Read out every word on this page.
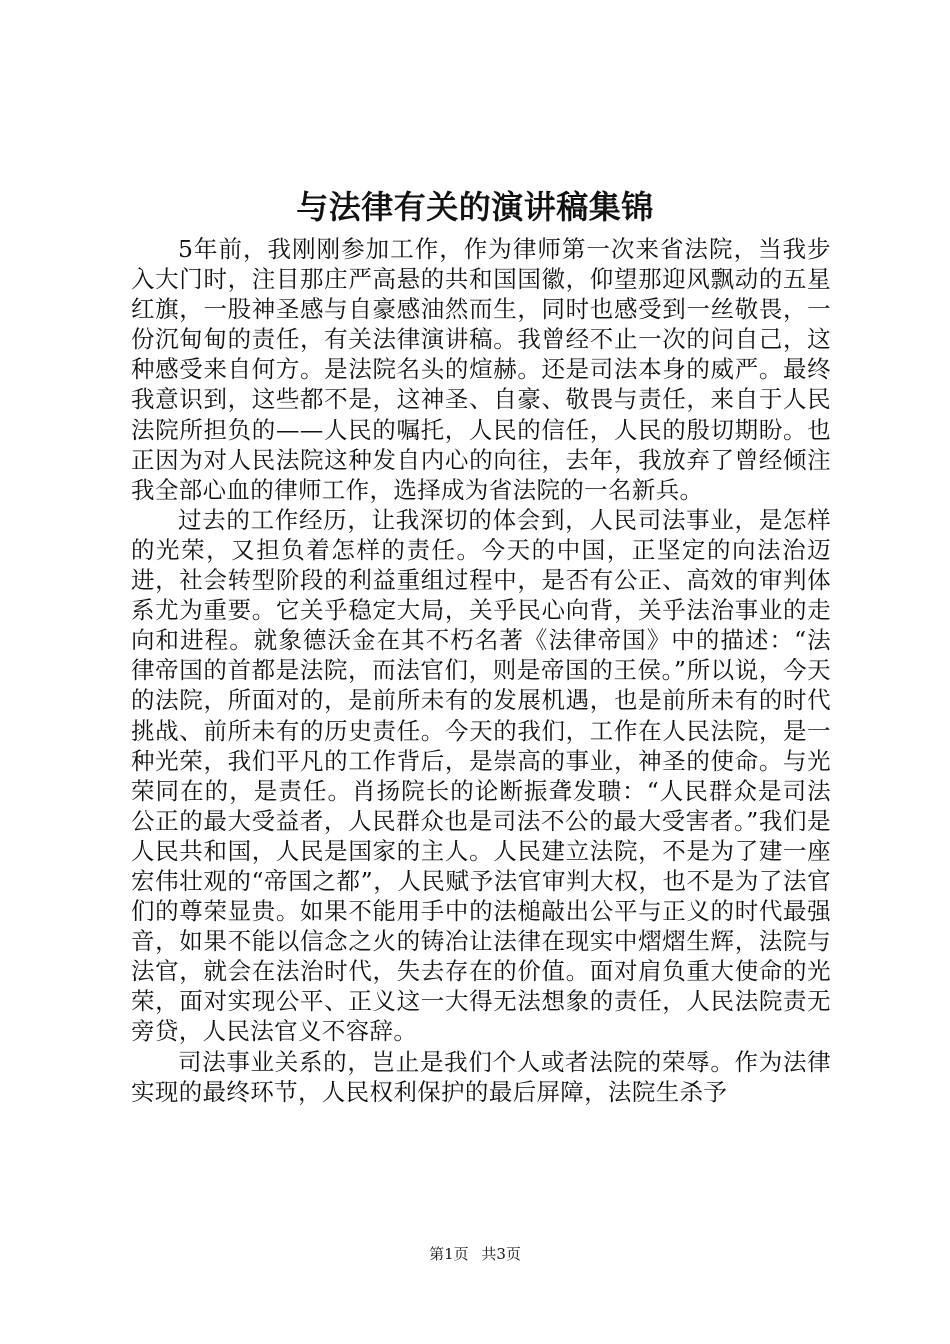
与法律有关的演讲稿集锦

5年前，我刚刚参加工作，作为律师第一次来省法院，当我步入大门时，注目那庄严高悬的共和国国徽，仰望那迎风飘动的五星红旗，一股神圣感与自豪感油然而生，同时也感受到一丝敬畏，一份沉甸甸的责任，有关法律演讲稿。我曾经不止一次的问自己，这种感受来自何方。是法院名头的煊赫。还是司法本身的威严。最终我意识到，这些都不是，这神圣、自豪、敬畏与责任，来自于人民法院所担负的——人民的嘱托，人民的信任，人民的殷切期盼。也正因为对人民法院这种发自内心的向往，去年，我放弃了曾经倾注我全部心血的律师工作，选择成为省法院的一名新兵。

过去的工作经历，让我深切的体会到，人民司法事业，是怎样的光荣，又担负着怎样的责任。今天的中国，正坚定的向法治迈进，社会转型阶段的利益重组过程中，是否有公正、高效的审判体系尤为重要。它关乎稳定大局，关乎民心向背，关乎法治事业的走向和进程。就象德沃金在其不朽名著《法律帝国》中的描述：“法律帝国的首都是法院，而法官们，则是帝国的王侯。”所以说，今天的法院，所面对的，是前所未有的发展机遇，也是前所未有的时代挑战、前所未有的历史责任。今天的我们，工作在人民法院，是一种光荣，我们平凡的工作背后，是崇高的事业，神圣的使命。与光荣同在的，是责任。肖扬院长的论断振聋发聩：“人民群众是司法公正的最大受益者，人民群众也是司法不公的最大受害者。”我们是人民共和国，人民是国家的主人。人民建立法院，不是为了建一座宏伟壮观的“帝国之都”，人民赋予法官审判大权，也不是为了法官们的尊荣显贵。如果不能用手中的法槌敲出公平与正义的时代最强音，如果不能以信念之火的铸冶让法律在现实中熠熠生辉，法院与法官，就会在法治时代，失去存在的价值。面对肩负重大使命的光荣，面对实现公平、正义这一大得无法想象的责任，人民法院责无旁贷，人民法官义不容辞。

司法事业关系的，岂止是我们个人或者法院的荣辱。作为法律实现的最终环节，人民权利保护的最后屏障，法院生杀予

第1页 共3页
